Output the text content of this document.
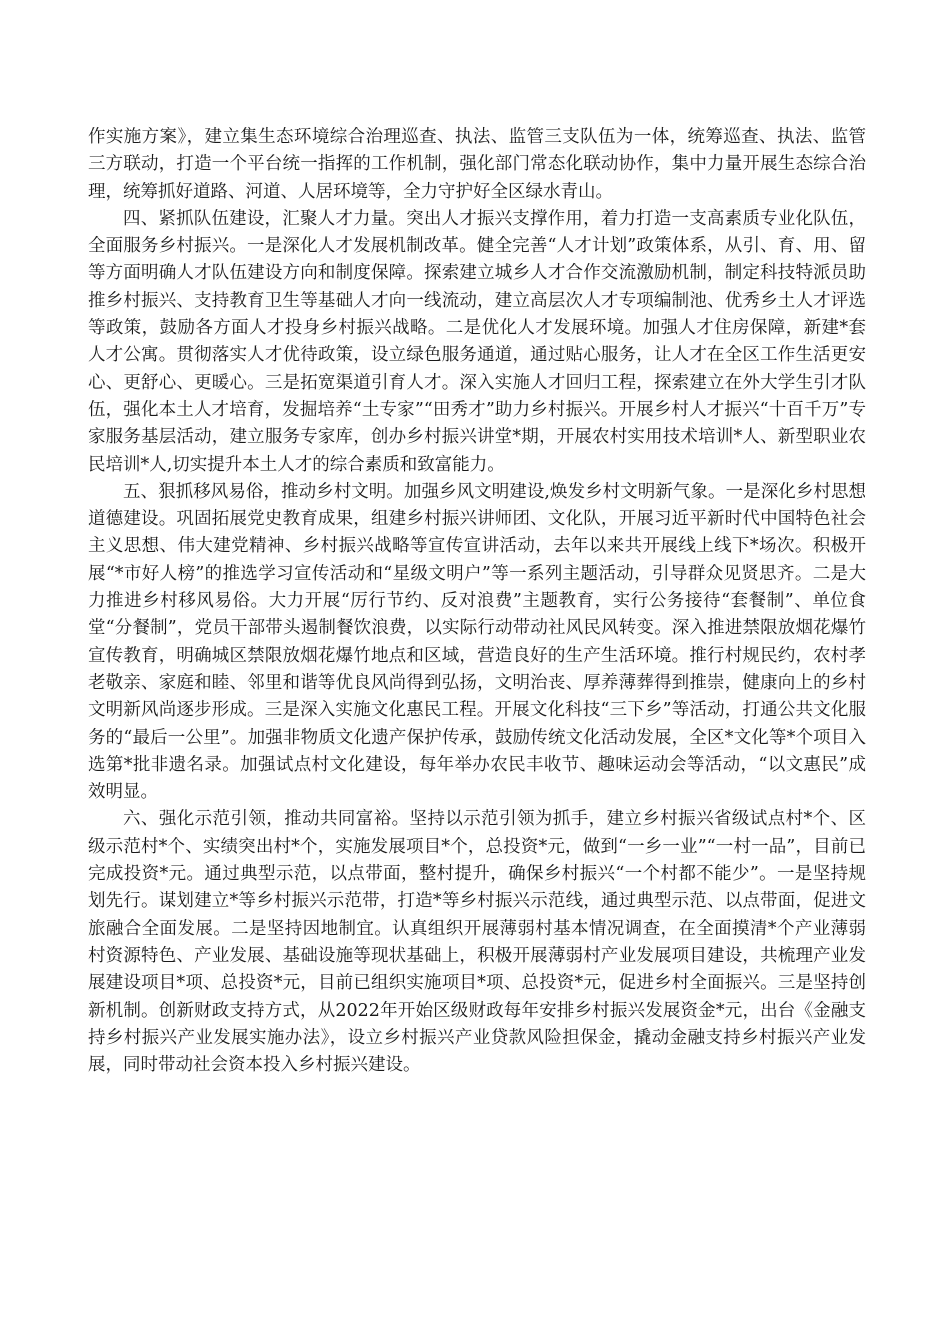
作实施方案》，建立集生态环境综合治理巡查、执法、监管三支队伍为一体，统筹巡查、执法、监管三方联动，打造一个平台统一指挥的工作机制，强化部门常态化联动协作，集中力量开展生态综合治理，统筹抓好道路、河道、人居环境等，全力守护好全区绿水青山。

四、紧抓队伍建设，汇聚人才力量。突出人才振兴支撑作用，着力打造一支高素质专业化队伍，全面服务乡村振兴。一是深化人才发展机制改革。健全完善“人才计划”政策体系，从引、育、用、留等方面明确人才队伍建设方向和制度保障。探索建立城乡人才合作交流激励机制，制定科技特派员助推乡村振兴、支持教育卫生等基础人才向一线流动，建立高层次人才专项编制池、优秀乡土人才评选等政策，鼓励各方面人才投身乡村振兴战略。二是优化人才发展环境。加强人才住房保障，新建*套人才公寓。贯彻落实人才优待政策，设立绿色服务通道，通过贴心服务，让人才在全区工作生活更安心、更舒心、更暖心。三是拓宽渠道引育人才。深入实施人才回归工程，探索建立在外大学生引才队伍，强化本土人才培育，发掘培养“土专家”“田秀才”助力乡村振兴。开展乡村人才振兴“十百千万”专家服务基层活动，建立服务专家库，创办乡村振兴讲堂*期，开展农村实用技术培训*人、新型职业农民培训*人,切实提升本土人才的综合素质和致富能力。

五、狠抓移风易俗，推动乡村文明。加强乡风文明建设,焕发乡村文明新气象。一是深化乡村思想道德建设。巩固拓展党史教育成果，组建乡村振兴讲师团、文化队，开展习近平新时代中国特色社会主义思想、伟大建党精神、乡村振兴战略等宣传宣讲活动，去年以来共开展线上线下*场次。积极开展“*市好人榜”的推选学习宣传活动和“星级文明户”等一系列主题活动，引导群众见贤思齐。二是大力推进乡村移风易俗。大力开展“厉行节约、反对浪费”主题教育，实行公务接待“套餐制”、单位食堂“分餐制”，党员干部带头遏制餐饮浪费，以实际行动带动社风民风转变。深入推进禁限放烟花爆竹宣传教育，明确城区禁限放烟花爆竹地点和区域，营造良好的生产生活环境。推行村规民约，农村孝老敬亲、家庭和睦、邻里和谐等优良风尚得到弘扬，文明治丧、厚养薄葬得到推崇，健康向上的乡村文明新风尚逐步形成。三是深入实施文化惠民工程。开展文化科技“三下乡”等活动，打通公共文化服务的“最后一公里”。加强非物质文化遗产保护传承，鼓励传统文化活动发展，全区*文化等*个项目入选第*批非遗名录。加强试点村文化建设，每年举办农民丰收节、趣味运动会等活动，“以文惠民”成效明显。

六、强化示范引领，推动共同富裕。坚持以示范引领为抓手，建立乡村振兴省级试点村*个、区级示范村*个、实绩突出村*个，实施发展项目*个，总投资*元，做到“一乡一业”“一村一品”，目前已完成投资*元。通过典型示范，以点带面，整村提升，确保乡村振兴“一个村都不能少”。一是坚持规划先行。谋划建立*等乡村振兴示范带，打造*等乡村振兴示范线，通过典型示范、以点带面，促进文旅融合全面发展。二是坚持因地制宜。认真组织开展薄弱村基本情况调查，在全面摸清*个产业薄弱村资源特色、产业发展、基础设施等现状基础上，积极开展薄弱村产业发展项目建设，共梳理产业发展建设项目*项、总投资*元，目前已组织实施项目*项、总投资*元，促进乡村全面振兴。三是坚持创新机制。创新财政支持方式，从2022年开始区级财政每年安排乡村振兴发展资金*元，出台《金融支持乡村振兴产业发展实施办法》，设立乡村振兴产业贷款风险担保金，撬动金融支持乡村振兴产业发展，同时带动社会资本投入乡村振兴建设。
